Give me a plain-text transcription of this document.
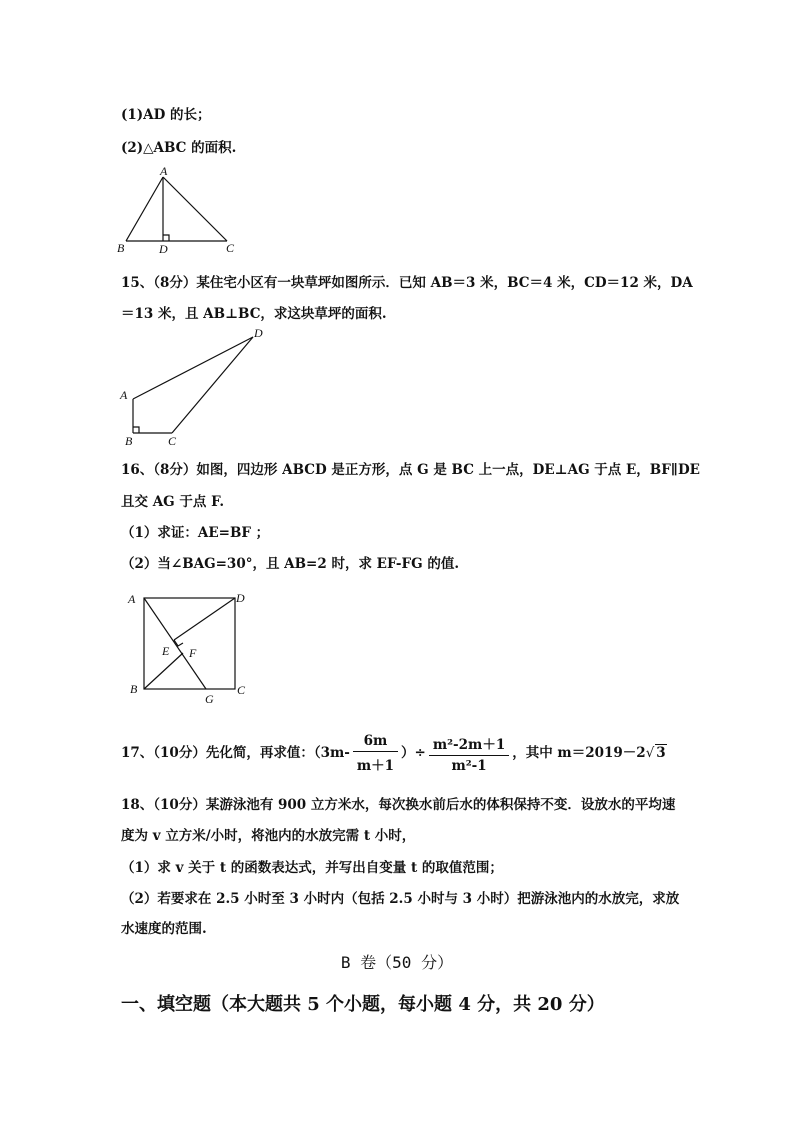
(1)AD 的长；
(2)△ABC 的面积.
A
B	D	C
15、（8分）某住宅小区有一块草坪如图所示．已知 AB＝3 米，BC＝4 米，CD＝12 米，DA
＝13 米，且 AB⊥BC，求这块草坪的面积.
D
A
B	C
16、（8分）如图，四边形 ABCD 是正方形，点 G 是 BC 上一点，DE⊥AG 于点 E，BF∥DE
且交 AG 于点 F.
（1）求证：AE=BF ；
（2）当∠BAG=30°，且 AB=2 时，求 EF-FG 的值.
A	D
E F
B
G
C
17、（10分）先化简，再求值：（$3m- \frac{6m}{m+1}$ ）÷ $\frac{\text{m²-2m＋1}}{\text{m²-1}}$ ，其中 m＝2019－2√ 3
18、（10分）某游泳池有 900 立方米水，每次换水前后水的体积保持不变．设放水的平均速
度为 v 立方米/小时，将池内的水放完需 t 小时，
（1）求 v 关于 t 的函数表达式，并写出自变量 t 的取值范围；
（2）若要求在 2.5 小时至 3 小时内（包括 2.5 小时与 3 小时）把游泳池内的水放完，求放
水速度的范围.
B 卷（50 分）
一、填空题（本大题共 5 个小题，每小题 4 分，共 20 分）
